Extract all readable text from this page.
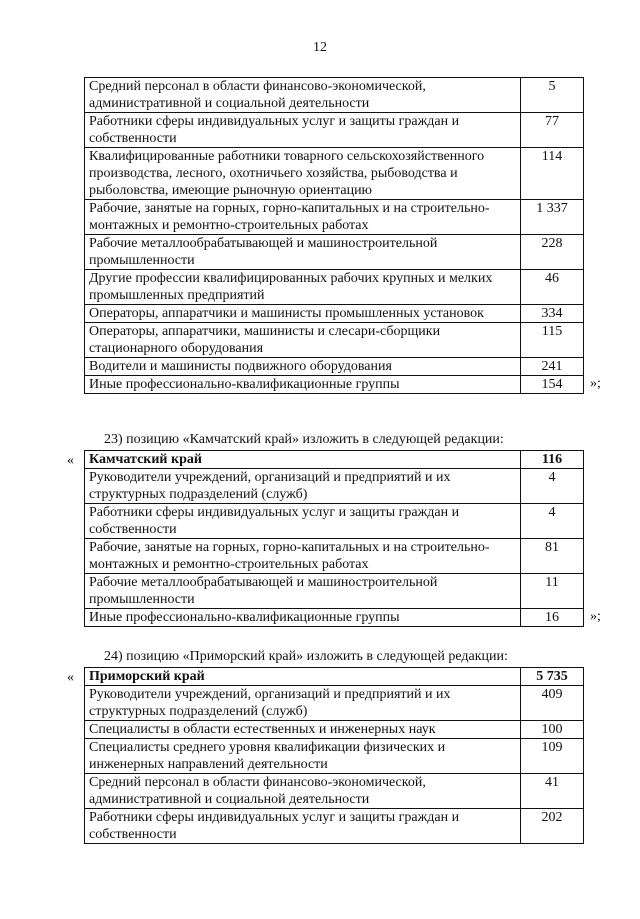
12
Средний персонал в области финансово-экономической, административной и социальной деятельности	5
Работники сферы индивидуальных услуг и защиты граждан и собственности	77
Квалифицированные работники товарного сельскохозяйственного производства, лесного, охотничьего хозяйства, рыбоводства и рыболовства, имеющие рыночную ориентацию	114
Рабочие, занятые на горных, горно-капитальных и на строительно-монтажных и ремонтно-строительных работах	1 337
Рабочие металлообрабатывающей и машиностроительной промышленности	228
Другие профессии квалифицированных рабочих крупных и мелких промышленных предприятий	46
Операторы, аппаратчики и машинисты промышленных установок	334
Операторы, аппаратчики, машинисты и слесари-сборщики стационарного оборудования	115
Водители и машинисты подвижного оборудования	241
Иные профессионально-квалификационные группы	154 »;
23) позицию «Камчатский край» изложить в следующей редакции:
« Камчатский край	116
Руководители учреждений, организаций и предприятий и их структурных подразделений (служб)	4
Работники сферы индивидуальных услуг и защиты граждан и собственности	4
Рабочие, занятые на горных, горно-капитальных и на строительно-монтажных и ремонтно-строительных работах	81
Рабочие металлообрабатывающей и машиностроительной промышленности	11
Иные профессионально-квалификационные группы	16 »;
24) позицию «Приморский край» изложить в следующей редакции:
« Приморский край	5 735
Руководители учреждений, организаций и предприятий и их структурных подразделений (служб)	409
Специалисты в области естественных и инженерных наук	100
Специалисты среднего уровня квалификации физических и инженерных направлений деятельности	109
Средний персонал в области финансово-экономической, административной и социальной деятельности	41
Работники сферы индивидуальных услуг и защиты граждан и собственности	202
